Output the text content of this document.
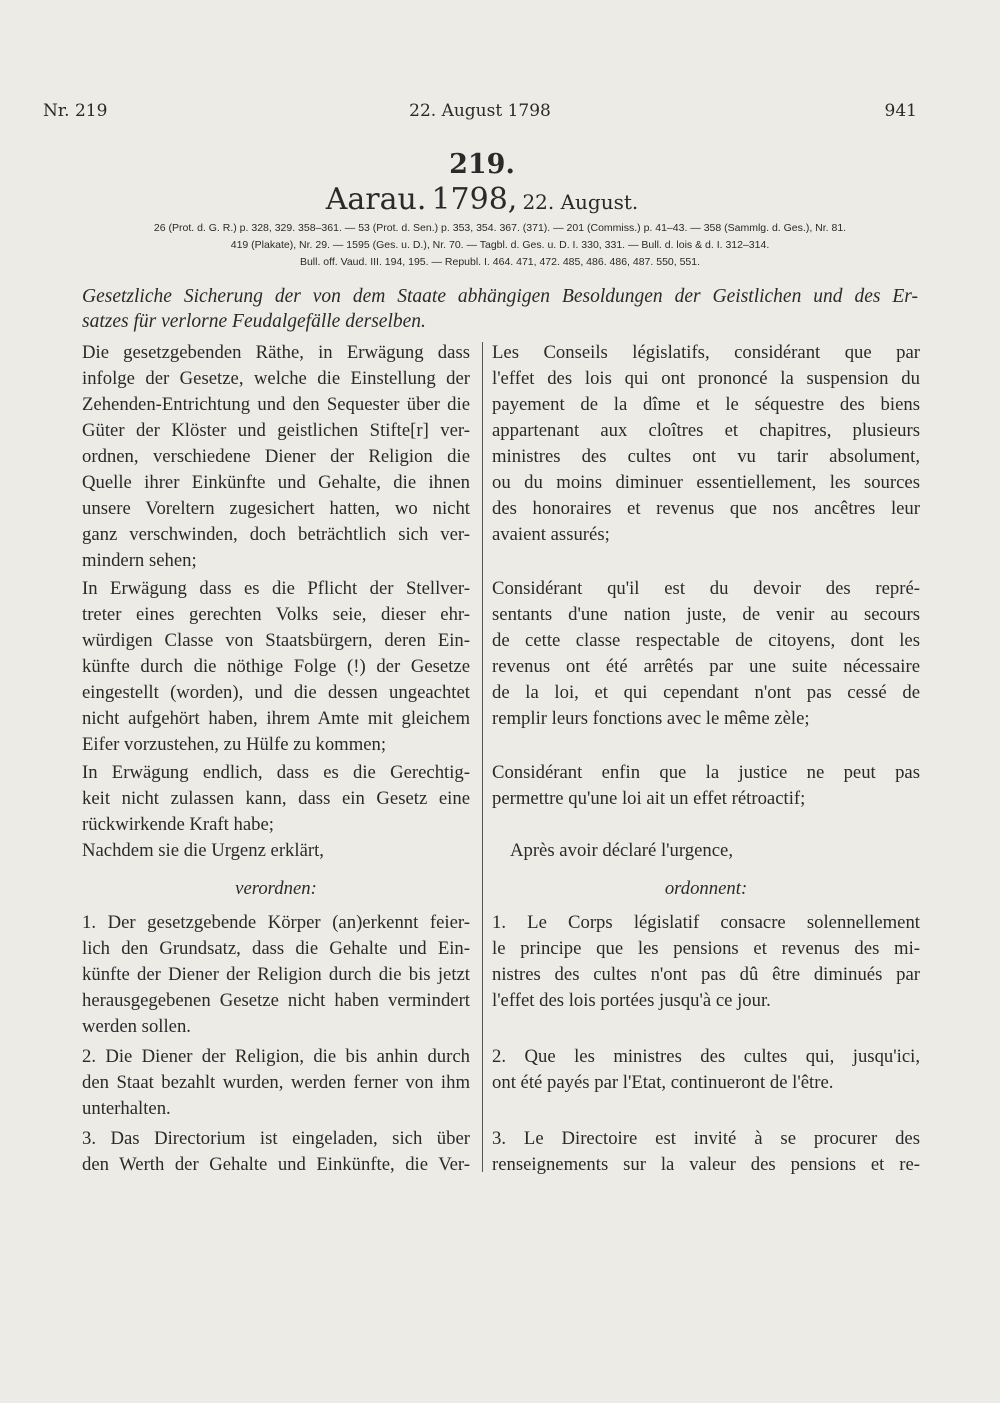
Nr. 219	22. August 1798	941
219.
Aarau. 1798, 22. August.

26 (Prot. d. G. R.) p. 328, 329. 358–361. — 53 (Prot. d. Sen.) p. 353, 354. 367. (371). — 201 (Commiss.) p. 41–43. — 358 (Sammlg. d. Ges.), Nr. 81.

419 (Plakate), Nr. 29. — 1595 (Ges. u. D.), Nr. 70. — Tagbl. d. Ges. u. D. I. 330, 331. — Bull. d. lois & d. I. 312–314.

Bull. off. Vaud. III. 194, 195. — Republ. I. 464. 471, 472. 485, 486. 486, 487. 550, 551.

Gesetzliche Sicherung der von dem Staate abhängigen Besoldungen der Geistlichen und des Er-

satzes für verlorne Feudalgefälle derselben.

Die gesetzgebenden Räthe, in Erwägung dass
infolge der Gesetze, welche die Einstellung der
Zehenden-Entrichtung und den Sequester über die
Güter der Klöster und geistlichen Stifte[r] ver-
ordnen, verschiedene Diener der Religion die
Quelle ihrer Einkünfte und Gehalte, die ihnen
unsere Voreltern zugesichert hatten, wo nicht
ganz verschwinden, doch beträchtlich sich ver-
mindern sehen;

In Erwägung dass es die Pflicht der Stellver-
treter eines gerechten Volks seie, dieser ehr-
würdigen Classe von Staatsbürgern, deren Ein-
künfte durch die nöthige Folge (!) der Gesetze
eingestellt (worden), und die dessen ungeachtet
nicht aufgehört haben, ihrem Amte mit gleichem
Eifer vorzustehen, zu Hülfe zu kommen;

In Erwägung endlich, dass es die Gerechtig-
keit nicht zulassen kann, dass ein Gesetz eine
rückwirkende Kraft habe;

Nachdem sie die Urgenz erklärt,

verordnen:

1. Der gesetzgebende Körper (an)erkennt feier-
lich den Grundsatz, dass die Gehalte und Ein-
künfte der Diener der Religion durch die bis jetzt
herausgegebenen Gesetze nicht haben vermindert
werden sollen.

2. Die Diener der Religion, die bis anhin durch
den Staat bezahlt wurden, werden ferner von ihm
unterhalten.

3. Das Directorium ist eingeladen, sich über
den Werth der Gehalte und Einkünfte, die Ver-

Les Conseils législatifs, considérant que par
l'effet des lois qui ont prononcé la suspension du
payement de la dîme et le séquestre des biens
appartenant aux cloîtres et chapitres, plusieurs
ministres des cultes ont vu tarir absolument,
ou du moins diminuer essentiellement, les sources
des honoraires et revenus que nos ancêtres leur
avaient assurés;

Considérant qu'il est du devoir des repré-
sentants d'une nation juste, de venir au secours
de cette classe respectable de citoyens, dont les
revenus ont été arrêtés par une suite nécessaire
de la loi, et qui cependant n'ont pas cessé de
remplir leurs fonctions avec le même zèle;

Considérant enfin que la justice ne peut pas
permettre qu'une loi ait un effet rétroactif;

Après avoir déclaré l'urgence,

ordonnent:

1. Le Corps législatif consacre solennellement
le principe que les pensions et revenus des mi-
nistres des cultes n'ont pas dû être diminués par
l'effet des lois portées jusqu'à ce jour.

2. Que les ministres des cultes qui, jusqu'ici,
ont été payés par l'Etat, continueront de l'être.

3. Le Directoire est invité à se procurer des
renseignements sur la valeur des pensions et re-
